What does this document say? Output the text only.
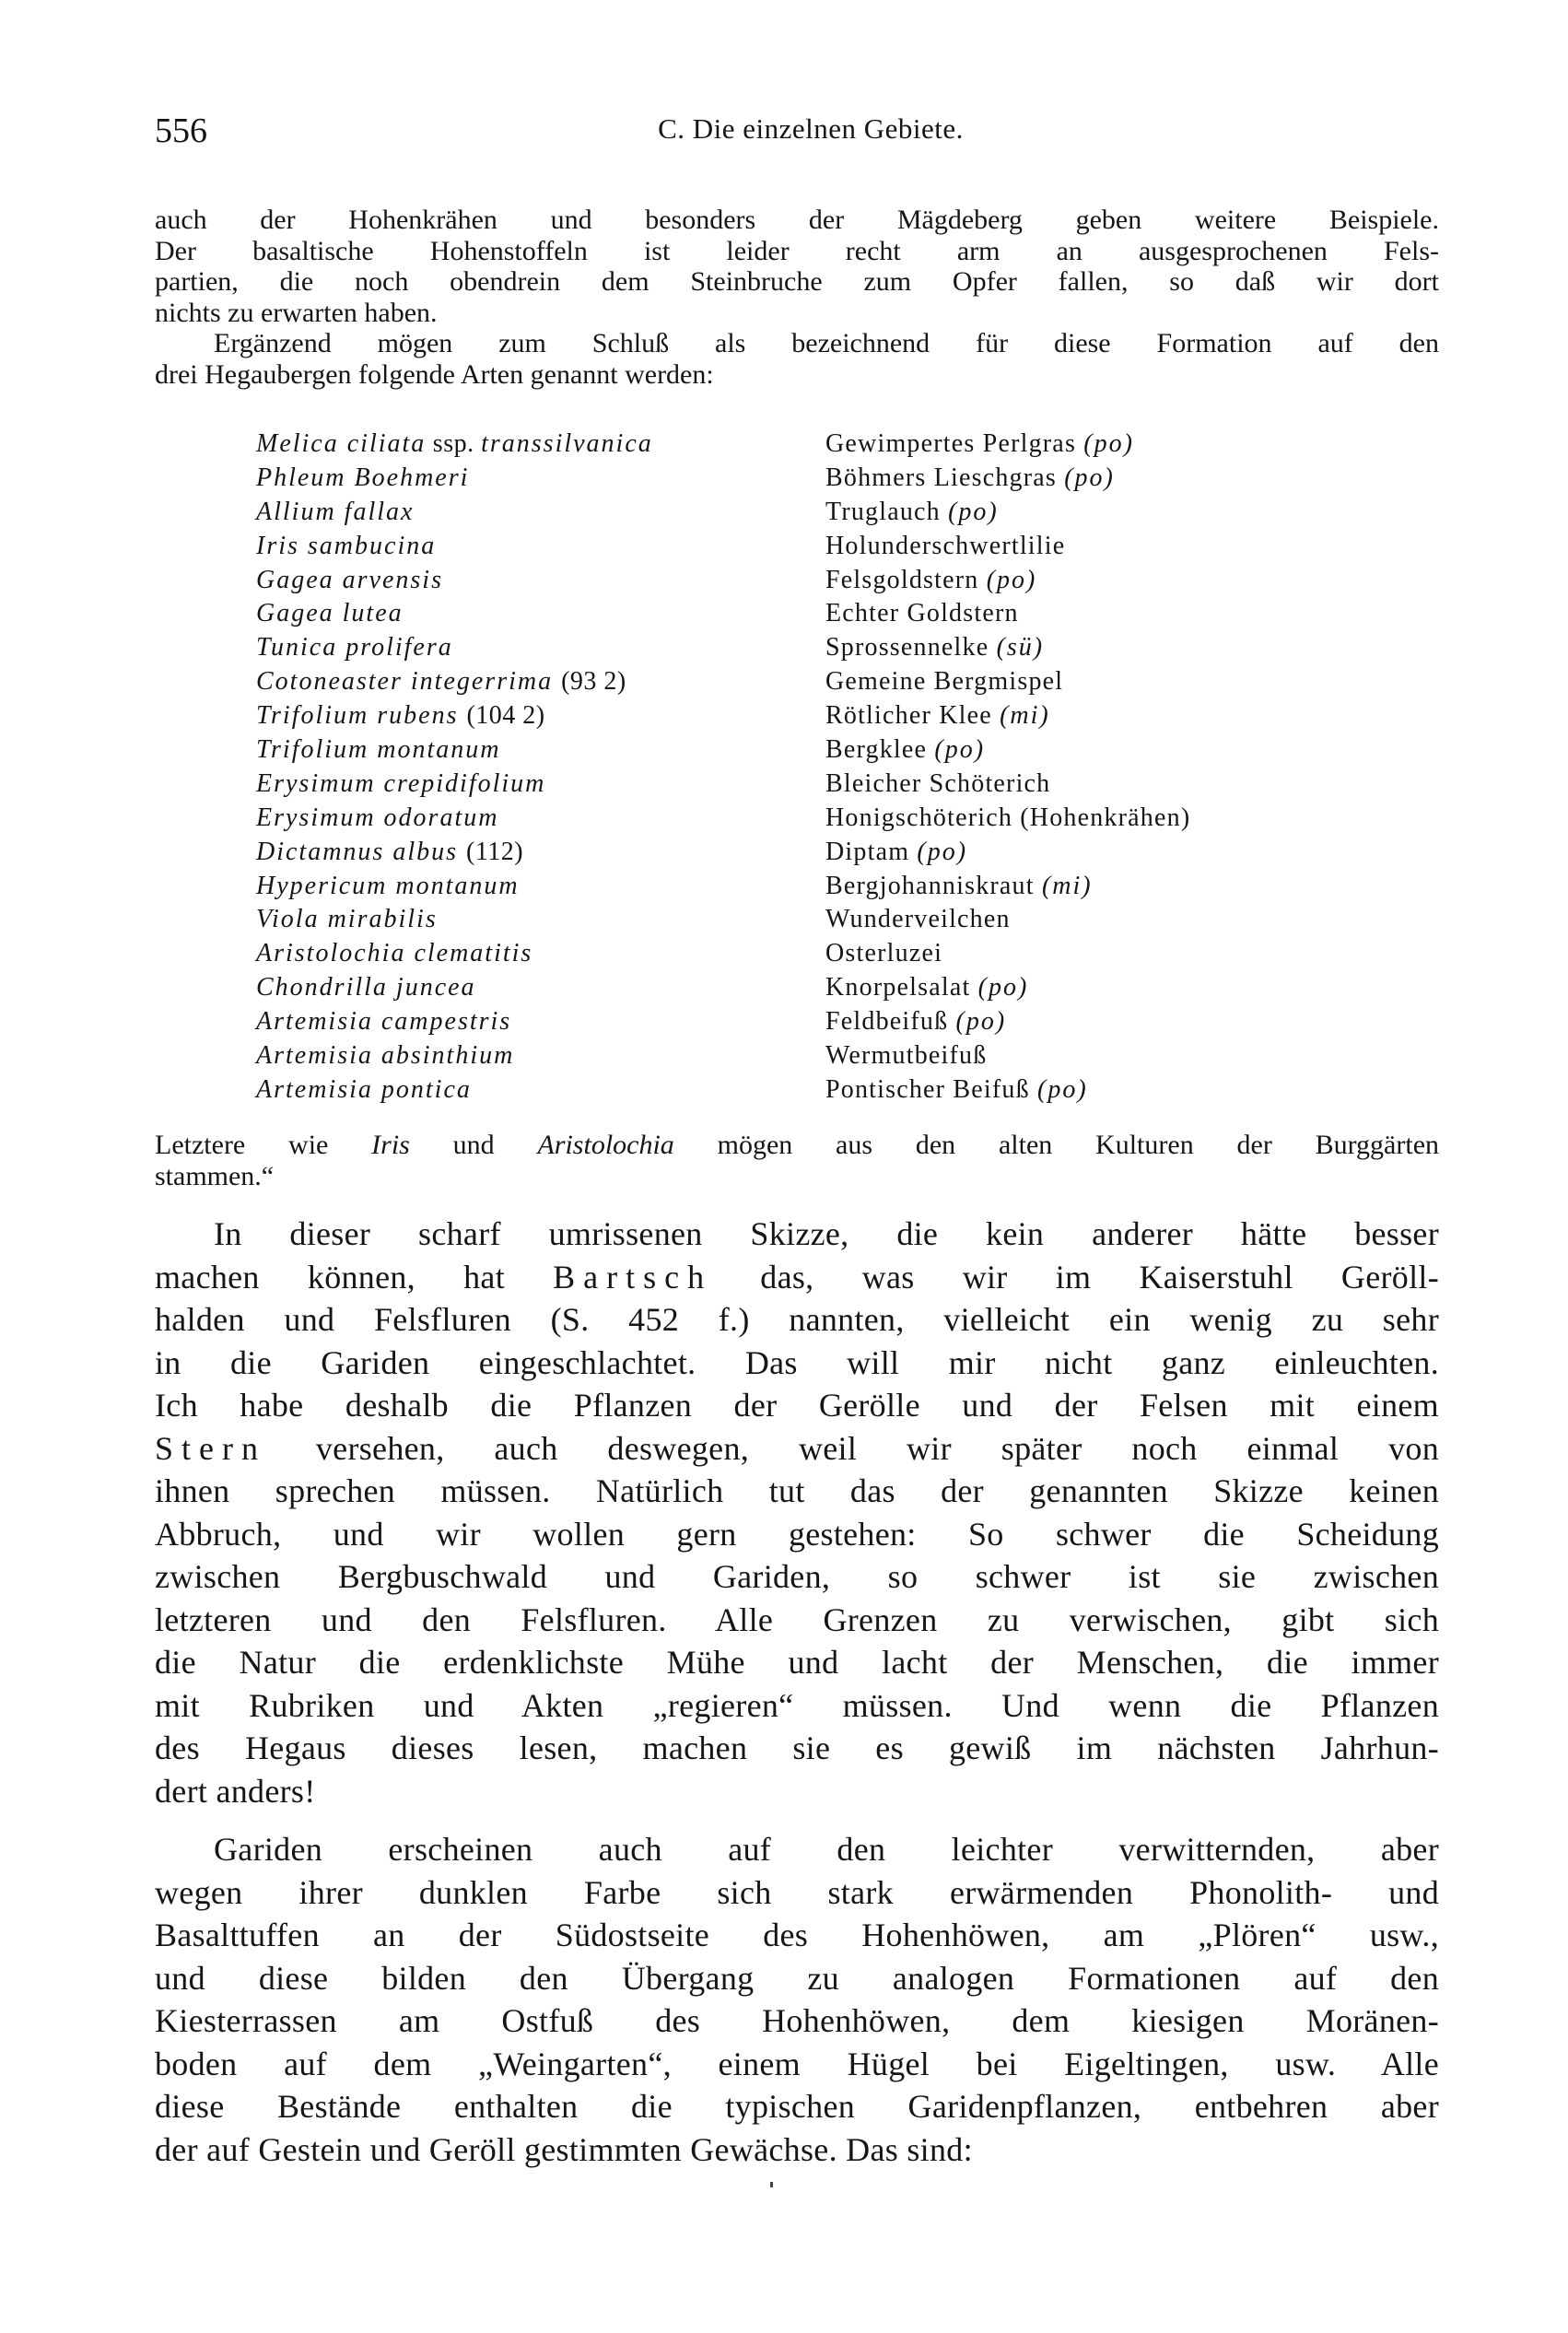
556	C. Die einzelnen Gebiete.
auch der Hohenkrähen und besonders der Mägdeberg geben weitere Beispiele.
Der basaltische Hohenstoffeln ist leider recht arm an ausgesprochenen Fels-
partien, die noch obendrein dem Steinbruche zum Opfer fallen, so daß wir dort
nichts zu erwarten haben.
Ergänzend mögen zum Schluß als bezeichnend für diese Formation auf den
drei Hegaubergen folgende Arten genannt werden:
Melica ciliata ssp. transsilvanica	Gewimpertes Perlgras (po)
Phleum Boehmeri	Böhmers Lieschgras (po)
Allium fallax	Truglauch (po)
Iris sambucina	Holunderschwertlilie
Gagea arvensis	Felsgoldstern (po)
Gagea lutea	Echter Goldstern
Tunica prolifera	Sprossennelke (sü)
Cotoneaster integerrima (93 2)	Gemeine Bergmispel
Trifolium rubens (104 2)	Rötlicher Klee (mi)
Trifolium montanum	Bergklee (po)
Erysimum crepidifolium	Bleicher Schöterich
Erysimum odoratum	Honigschöterich (Hohenkrähen)
Dictamnus albus (112)	Diptam (po)
Hypericum montanum	Bergjohanniskraut (mi)
Viola mirabilis	Wunderveilchen
Aristolochia clematitis	Osterluzei
Chondrilla juncea	Knorpelsalat (po)
Artemisia campestris	Feldbeifuß (po)
Artemisia absinthium	Wermutbeifuß
Artemisia pontica	Pontischer Beifuß (po)
Letztere wie Iris und Aristolochia mögen aus den alten Kulturen der Burggärten
stammen.“
In dieser scharf umrissenen Skizze, die kein anderer hätte besser
machen können, hat Bartsch das, was wir im Kaiserstuhl Geröll-
halden und Felsfluren (S. 452 f.) nannten, vielleicht ein wenig zu sehr
in die Gariden eingeschlachtet. Das will mir nicht ganz einleuchten.
Ich habe deshalb die Pflanzen der Gerölle und der Felsen mit einem
Stern versehen, auch deswegen, weil wir später noch einmal von
ihnen sprechen müssen. Natürlich tut das der genannten Skizze keinen
Abbruch, und wir wollen gern gestehen: So schwer die Scheidung
zwischen Bergbuschwald und Gariden, so schwer ist sie zwischen
letzteren und den Felsfluren. Alle Grenzen zu verwischen, gibt sich
die Natur die erdenklichste Mühe und lacht der Menschen, die immer
mit Rubriken und Akten „regieren“ müssen. Und wenn die Pflanzen
des Hegaus dieses lesen, machen sie es gewiß im nächsten Jahrhun-
dert anders!
Gariden erscheinen auch auf den leichter verwitternden, aber
wegen ihrer dunklen Farbe sich stark erwärmenden Phonolith- und
Basalttuffen an der Südostseite des Hohenhöwen, am „Plören“ usw.,
und diese bilden den Übergang zu analogen Formationen auf den
Kiesterrassen am Ostfuß des Hohenhöwen, dem kiesigen Moränen-
boden auf dem „Weingarten“, einem Hügel bei Eigeltingen, usw. Alle
diese Bestände enthalten die typischen Garidenpflanzen, entbehren aber
der auf Gestein und Geröll gestimmten Gewächse. Das sind:
